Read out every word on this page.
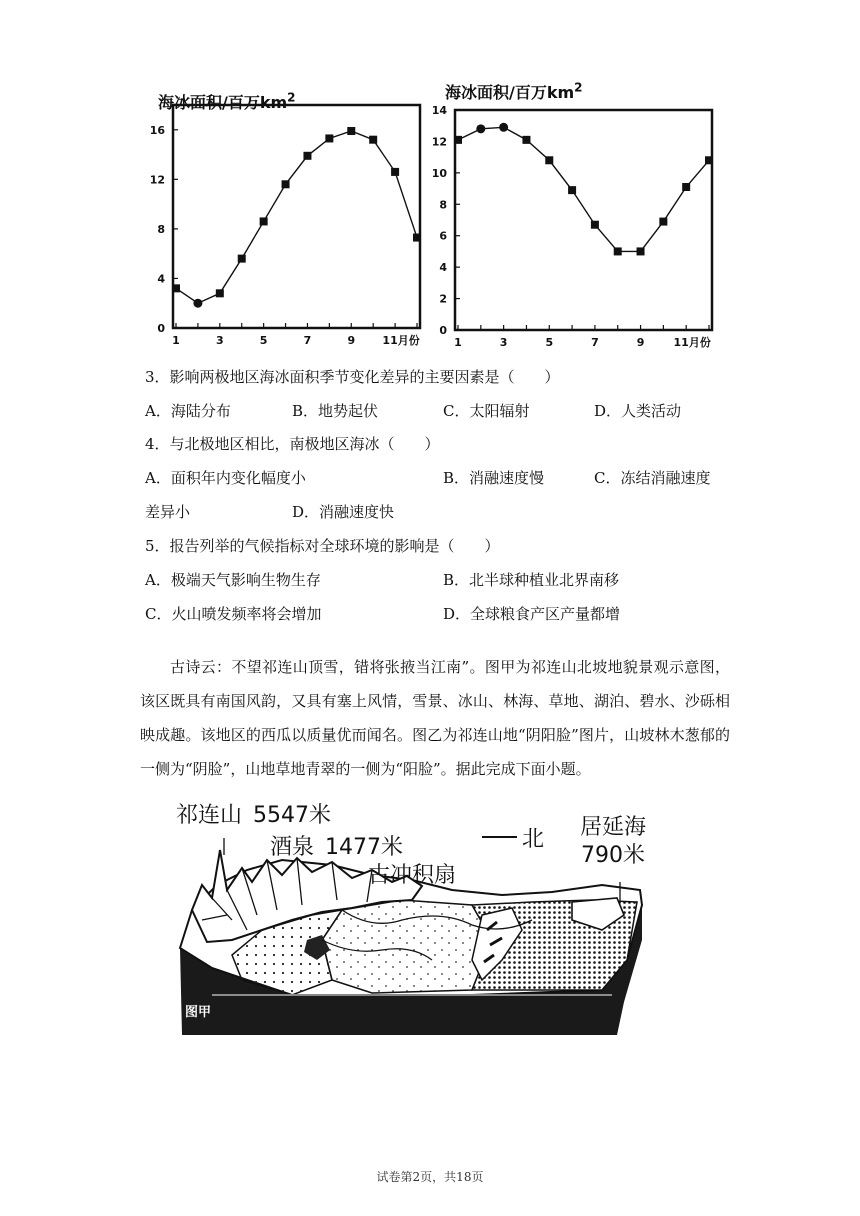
海冰面积/百万$km^2$
0
4
8
12
16
1	3	5	7	9 11月份
海冰面积/百万$km^2$
0
2
4
6
8
10
12
14
1	3	5	7	9	11月份
3．影响两极地区海冰面积季节变化差异的主要因素是（　　）
A．海陆分布	B．地势起伏	C．太阳辐射	D．人类活动
4．与北极地区相比，南极地区海冰（　　）
A．面积年内变化幅度小	B．消融速度慢	C．冻结消融速度
差异小	D．消融速度快
5．报告列举的气候指标对全球环境的影响是（　　）
A．极端天气影响生物生存	B．北半球种植业北界南移
C．火山喷发频率将会增加	D．全球粮食产区产量都增
古诗云：不望祁连山顶雪，错将张掖当江南”。图甲为祁连山北坡地貌景观示意图，该区既具有南国风韵，又具有塞上风情，雪景、冰山、林海、草地、湖泊、碧水、沙砾相映成趣。该地区的西瓜以质量优而闻名。图乙为祁连山地“阴阳脸”图片，山坡林木葱郁的一侧为“阴脸”，山地草地青翠的一侧为“阳脸”。据此完成下面小题。
祁连山 5547米
酒泉 1477米
古冲积扇
北 居延海
790米
图甲
试卷第2页，共18页
